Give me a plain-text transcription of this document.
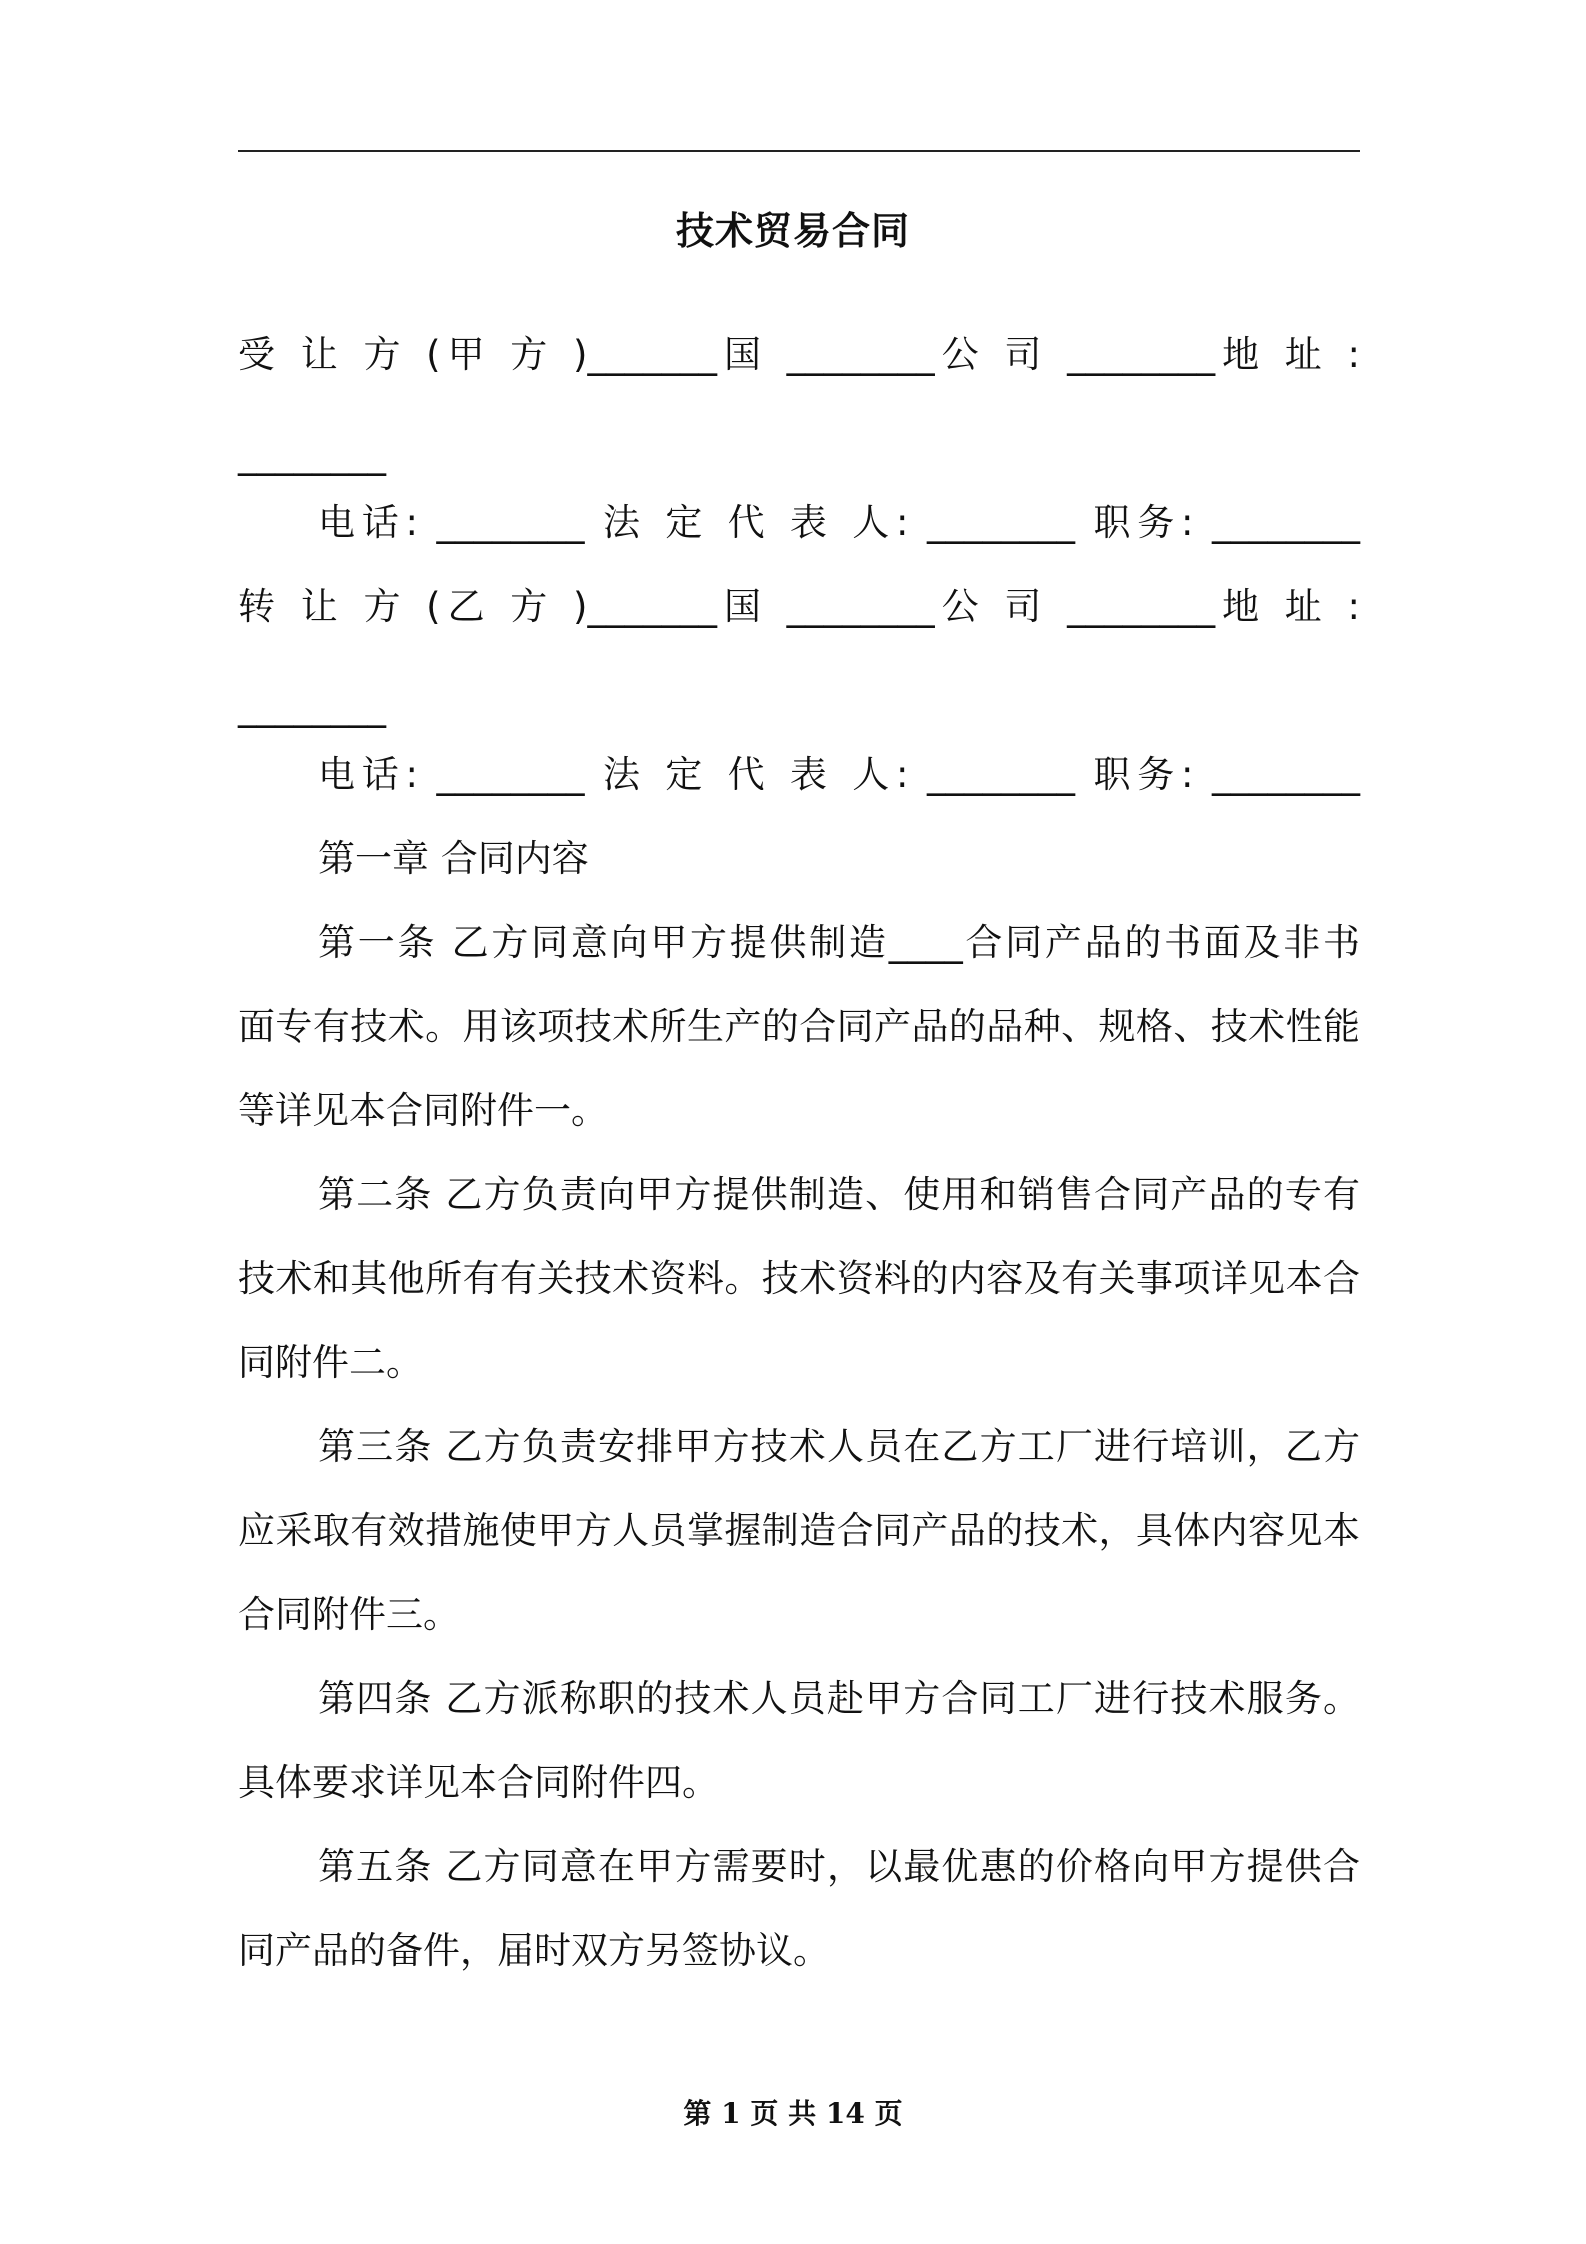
技术贸易合同
受 让 方 (甲 方 )_______国 ________公 司 ________地 址 :
________
电话: ________ 法 定 代 表 人: ________ 职务: ________
转 让 方 (乙 方 )_______国 ________公 司 ________地 址 :
________
电话: ________ 法 定 代 表 人: ________ 职务: ________
第一章 合同内容
第一条 乙方同意向甲方提供制造____合同产品的书面及非书
面专有技术。用该项技术所生产的合同产品的品种、规格、技术性能
等详见本合同附件一。
第二条 乙方负责向甲方提供制造、使用和销售合同产品的专有
技术和其他所有有关技术资料。技术资料的内容及有关事项详见本合
同附件二。
第三条 乙方负责安排甲方技术人员在乙方工厂进行培训，乙方
应采取有效措施使甲方人员掌握制造合同产品的技术，具体内容见本
合同附件三。
第四条 乙方派称职的技术人员赴甲方合同工厂进行技术服务。
具体要求详见本合同附件四。
第五条 乙方同意在甲方需要时，以最优惠的价格向甲方提供合
同产品的备件，届时双方另签协议。
第 1 页 共 14 页
